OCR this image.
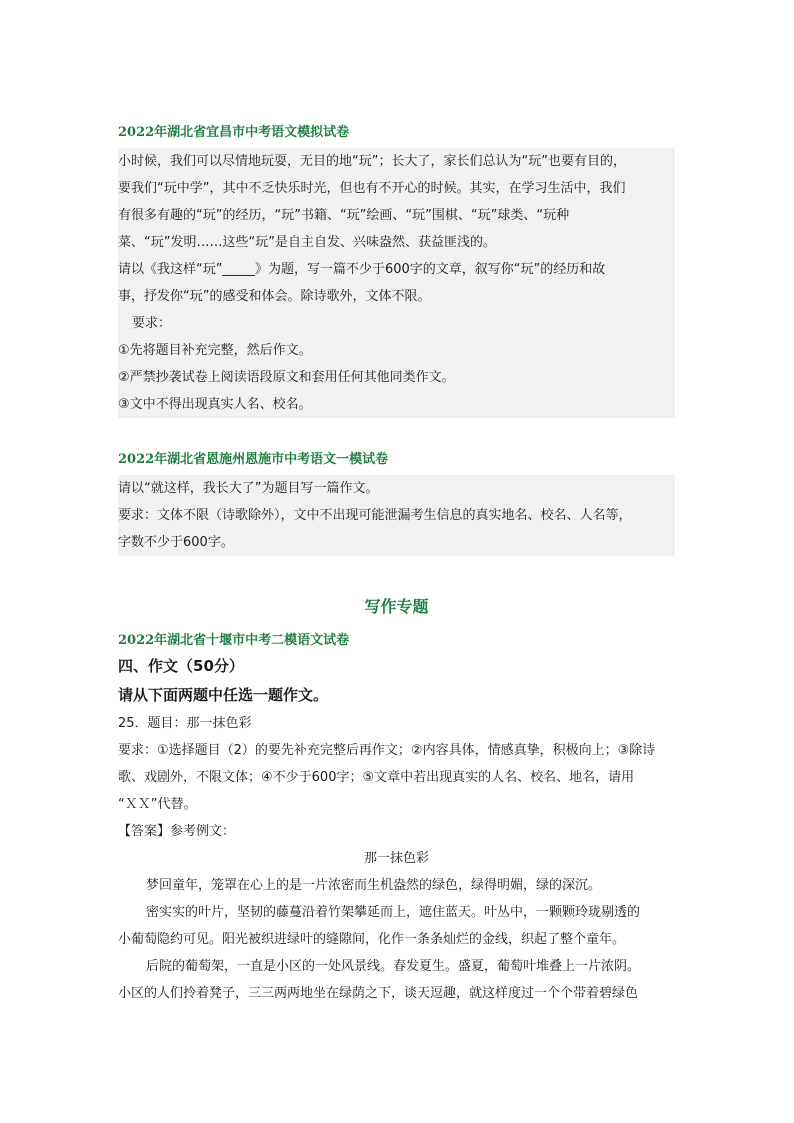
2022年湖北省宜昌市中考语文模拟试卷
小时候，我们可以尽情地玩耍，无目的地“玩”；长大了，家长们总认为“玩”也要有目的，
要我们“玩中学”，其中不乏快乐时光，但也有不开心的时候。其实，在学习生活中，我们
有很多有趣的“玩”的经历，“玩”书籍、“玩”绘画、“玩”围棋、“玩”球类、“玩种
菜、“玩”发明……这些“玩”是自主自发、兴味盎然、获益匪浅的。
请以《我这样“玩”_____》为题，写一篇不少于600字的文章，叙写你“玩”的经历和故
事，抒发你“玩”的感受和体会。除诗歌外，文体不限。
要求：
①先将题目补充完整，然后作文。
②严禁抄袭试卷上阅读语段原文和套用任何其他同类作文。
③文中不得出现真实人名、校名。
2022年湖北省恩施州恩施市中考语文一模试卷
请以“就这样，我长大了”为题目写一篇作文。
要求：文体不限（诗歌除外），文中不出现可能泄漏考生信息的真实地名、校名、人名等，
字数不少于600字。
写作专题
2022年湖北省十堰市中考二模语文试卷
四、作文（50分）
请从下面两题中任选一题作文。
25．题目：那一抹色彩
要求：①选择题目（2）的要先补充完整后再作文；②内容具体，情感真挚，积极向上；③除诗
歌、戏剧外，不限文体；④不少于600字；⑤文章中若出现真实的人名、校名、地名，请用
“ＸＸ”代替。
【答案】参考例文：
那一抹色彩
梦回童年，笼罩在心上的是一片浓密而生机盎然的绿色，绿得明媚，绿的深沉。
密实实的叶片，坚韧的藤蔓沿着竹架攀延而上，遮住蓝天。叶丛中，一颗颗玲珑剔透的
小葡萄隐约可见。阳光被织进绿叶的缝隙间，化作一条条灿烂的金线，织起了整个童年。
后院的葡萄架，一直是小区的一处风景线。春发夏生。盛夏，葡萄叶堆叠上一片浓阴。
小区的人们拎着凳子，三三两两地坐在绿荫之下，谈天逗趣，就这样度过一个个带着碧绿色
